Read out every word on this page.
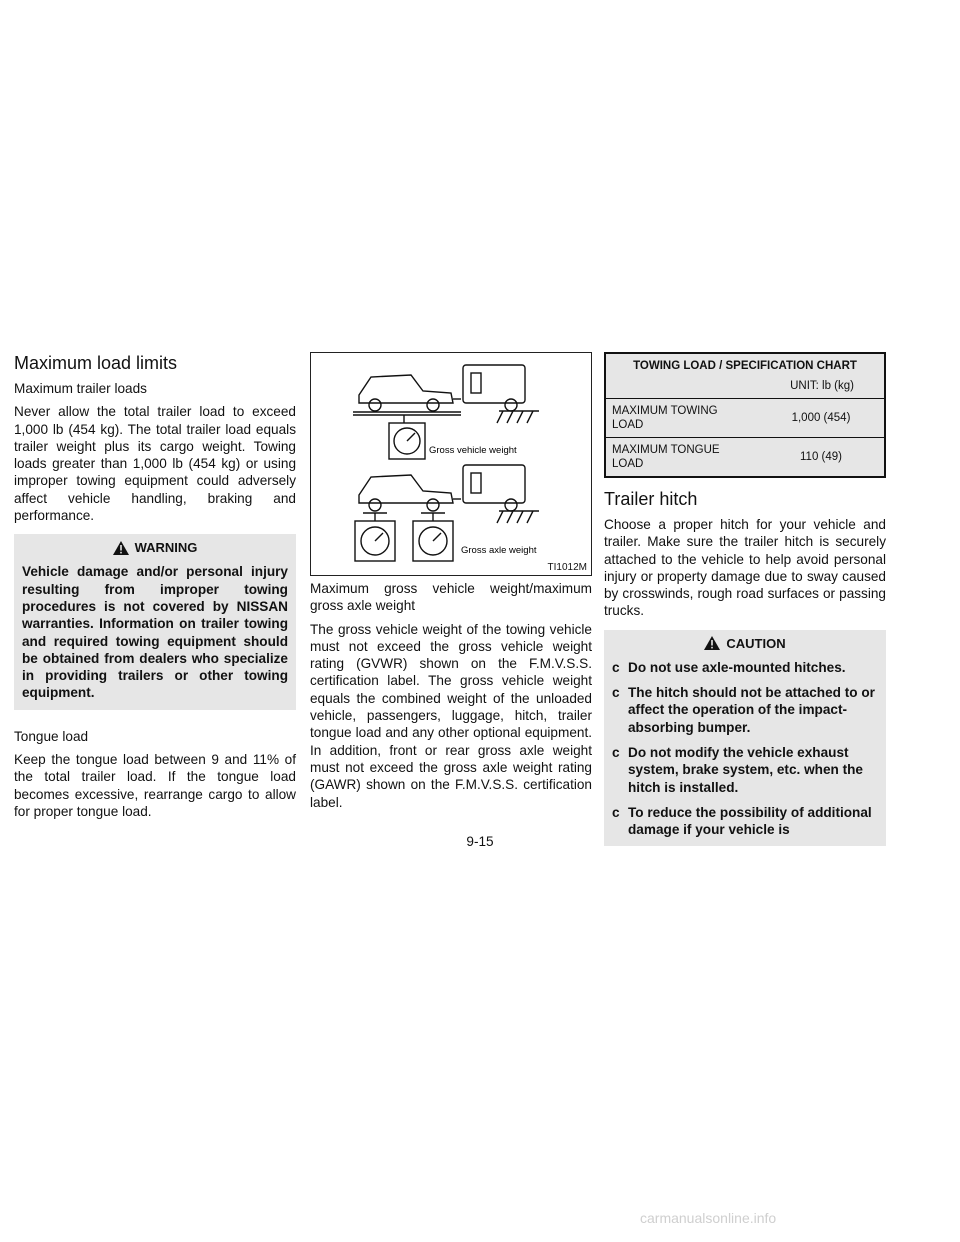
Maximum load limits

Maximum trailer loads

Never allow the total trailer load to exceed 1,000 lb (454 kg). The total trailer load equals trailer weight plus its cargo weight. Towing loads greater than 1,000 lb (454 kg) or using improper towing equipment could adversely affect vehicle handling, braking and performance.

WARNING

Vehicle damage and/or personal injury resulting from improper towing procedures is not covered by NISSAN warranties. Information on trailer towing and required towing equipment should be obtained from dealers who specialize in providing trailers or other towing equipment.

Tongue load

Keep the tongue load between 9 and 11% of the total trailer load. If the tongue load becomes excessive, rearrange cargo to allow for proper tongue load.

Gross vehicle weight
Gross axle weight
TI1012M

Maximum gross vehicle weight/maximum gross axle weight

The gross vehicle weight of the towing vehicle must not exceed the gross vehicle weight rating (GVWR) shown on the F.M.V.S.S. certification label. The gross vehicle weight equals the combined weight of the unloaded vehicle, passengers, luggage, hitch, trailer tongue load and any other optional equipment. In addition, front or rear gross axle weight must not exceed the gross axle weight rating (GAWR) shown on the F.M.V.S.S. certification label.

TOWING LOAD / SPECIFICATION CHART
UNIT: lb (kg)
MAXIMUM TOWING LOAD
1,000 (454)
MAXIMUM TONGUE LOAD
110 (49)
Trailer hitch

Choose a proper hitch for your vehicle and trailer. Make sure the trailer hitch is securely attached to the vehicle to help avoid personal injury or property damage due to sway caused by crosswinds, rough road surfaces or passing trucks.

CAUTION
c Do not use axle-mounted hitches.
c The hitch should not be attached to or affect the operation of the impact-absorbing bumper.
c Do not modify the vehicle exhaust system, brake system, etc. when the hitch is installed.
c To reduce the possibility of additional damage if your vehicle is
9-15
carmanualsonline.info
